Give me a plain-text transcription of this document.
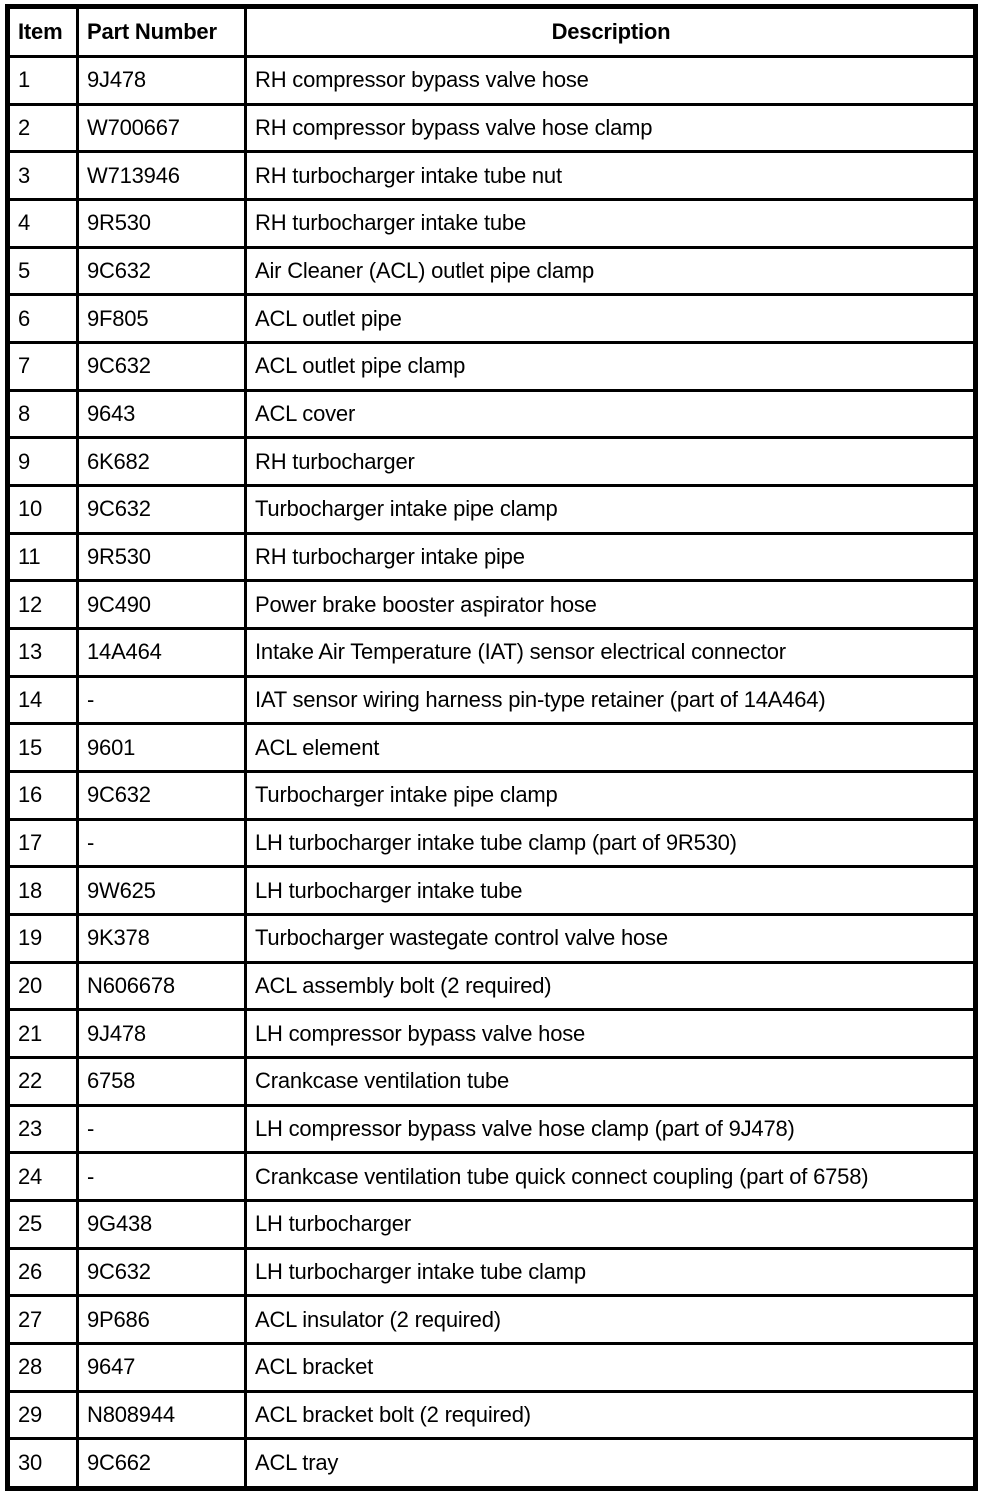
Item	Part Number	Description
1	9J478	RH compressor bypass valve hose
2	W700667	RH compressor bypass valve hose clamp
3	W713946	RH turbocharger intake tube nut
4	9R530	RH turbocharger intake tube
5	9C632	Air Cleaner (ACL) outlet pipe clamp
6	9F805	ACL outlet pipe
7	9C632	ACL outlet pipe clamp
8	9643	ACL cover
9	6K682	RH turbocharger
10	9C632	Turbocharger intake pipe clamp
11	9R530	RH turbocharger intake pipe
12	9C490	Power brake booster aspirator hose
13	14A464	Intake Air Temperature (IAT) sensor electrical connector
14	-	IAT sensor wiring harness pin-type retainer (part of 14A464)
15	9601	ACL element
16	9C632	Turbocharger intake pipe clamp
17	-	LH turbocharger intake tube clamp (part of 9R530)
18	9W625	LH turbocharger intake tube
19	9K378	Turbocharger wastegate control valve hose
20	N606678	ACL assembly bolt (2 required)
21	9J478	LH compressor bypass valve hose
22	6758	Crankcase ventilation tube
23	-	LH compressor bypass valve hose clamp (part of 9J478)
24	-	Crankcase ventilation tube quick connect coupling (part of 6758)
25	9G438	LH turbocharger
26	9C632	LH turbocharger intake tube clamp
27	9P686	ACL insulator (2 required)
28	9647	ACL bracket
29	N808944	ACL bracket bolt (2 required)
30	9C662	ACL tray
